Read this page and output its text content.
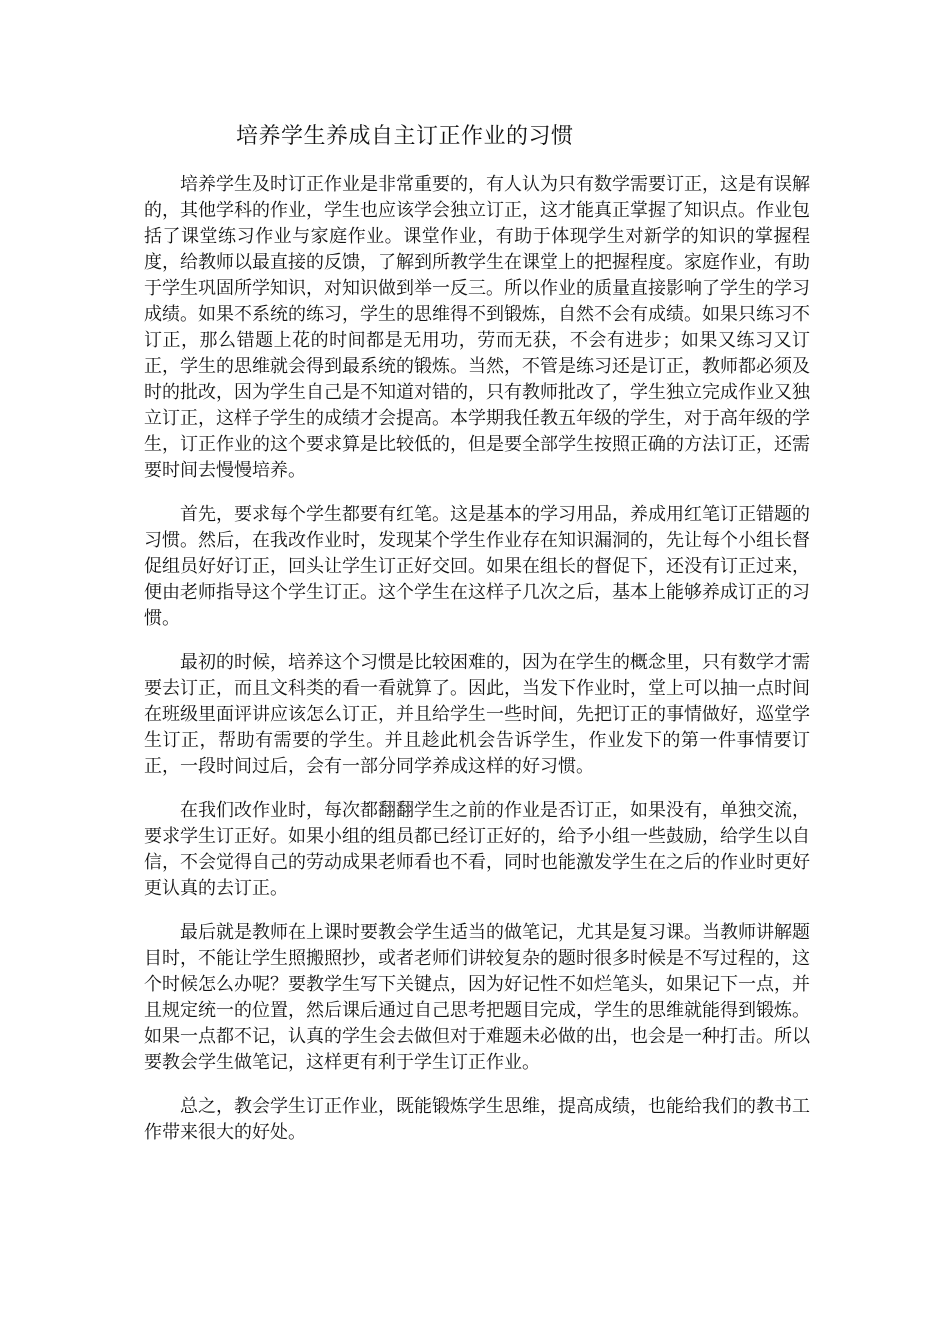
培养学生养成自主订正作业的习惯

培养学生及时订正作业是非常重要的，有人认为只有数学需要订正，这是有误解的，其他学科的作业，学生也应该学会独立订正，这才能真正掌握了知识点。作业包括了课堂练习作业与家庭作业。课堂作业，有助于体现学生对新学的知识的掌握程度，给教师以最直接的反馈，了解到所教学生在课堂上的把握程度。家庭作业，有助于学生巩固所学知识，对知识做到举一反三。所以作业的质量直接影响了学生的学习成绩。如果不系统的练习，学生的思维得不到锻炼，自然不会有成绩。如果只练习不订正，那么错题上花的时间都是无用功，劳而无获，不会有进步；如果又练习又订正，学生的思维就会得到最系统的锻炼。当然，不管是练习还是订正，教师都必须及时的批改，因为学生自己是不知道对错的，只有教师批改了，学生独立完成作业又独立订正，这样子学生的成绩才会提高。本学期我任教五年级的学生，对于高年级的学生，订正作业的这个要求算是比较低的，但是要全部学生按照正确的方法订正，还需要时间去慢慢培养。

首先，要求每个学生都要有红笔。这是基本的学习用品，养成用红笔订正错题的习惯。然后，在我改作业时，发现某个学生作业存在知识漏洞的，先让每个小组长督促组员好好订正，回头让学生订正好交回。如果在组长的督促下，还没有订正过来，便由老师指导这个学生订正。这个学生在这样子几次之后，基本上能够养成订正的习惯。

最初的时候，培养这个习惯是比较困难的，因为在学生的概念里，只有数学才需要去订正，而且文科类的看一看就算了。因此，当发下作业时，堂上可以抽一点时间在班级里面评讲应该怎么订正，并且给学生一些时间，先把订正的事情做好，巡堂学生订正，帮助有需要的学生。并且趁此机会告诉学生，作业发下的第一件事情要订正，一段时间过后，会有一部分同学养成这样的好习惯。

在我们改作业时，每次都翻翻学生之前的作业是否订正，如果没有，单独交流，要求学生订正好。如果小组的组员都已经订正好的，给予小组一些鼓励，给学生以自信，不会觉得自己的劳动成果老师看也不看，同时也能激发学生在之后的作业时更好更认真的去订正。

最后就是教师在上课时要教会学生适当的做笔记，尤其是复习课。当教师讲解题目时，不能让学生照搬照抄，或者老师们讲较复杂的题时很多时候是不写过程的，这个时候怎么办呢？要教学生写下关键点，因为好记性不如烂笔头，如果记下一点，并且规定统一的位置，然后课后通过自己思考把题目完成，学生的思维就能得到锻炼。如果一点都不记，认真的学生会去做但对于难题未必做的出，也会是一种打击。所以要教会学生做笔记，这样更有利于学生订正作业。

总之，教会学生订正作业，既能锻炼学生思维，提高成绩，也能给我们的教书工作带来很大的好处。
